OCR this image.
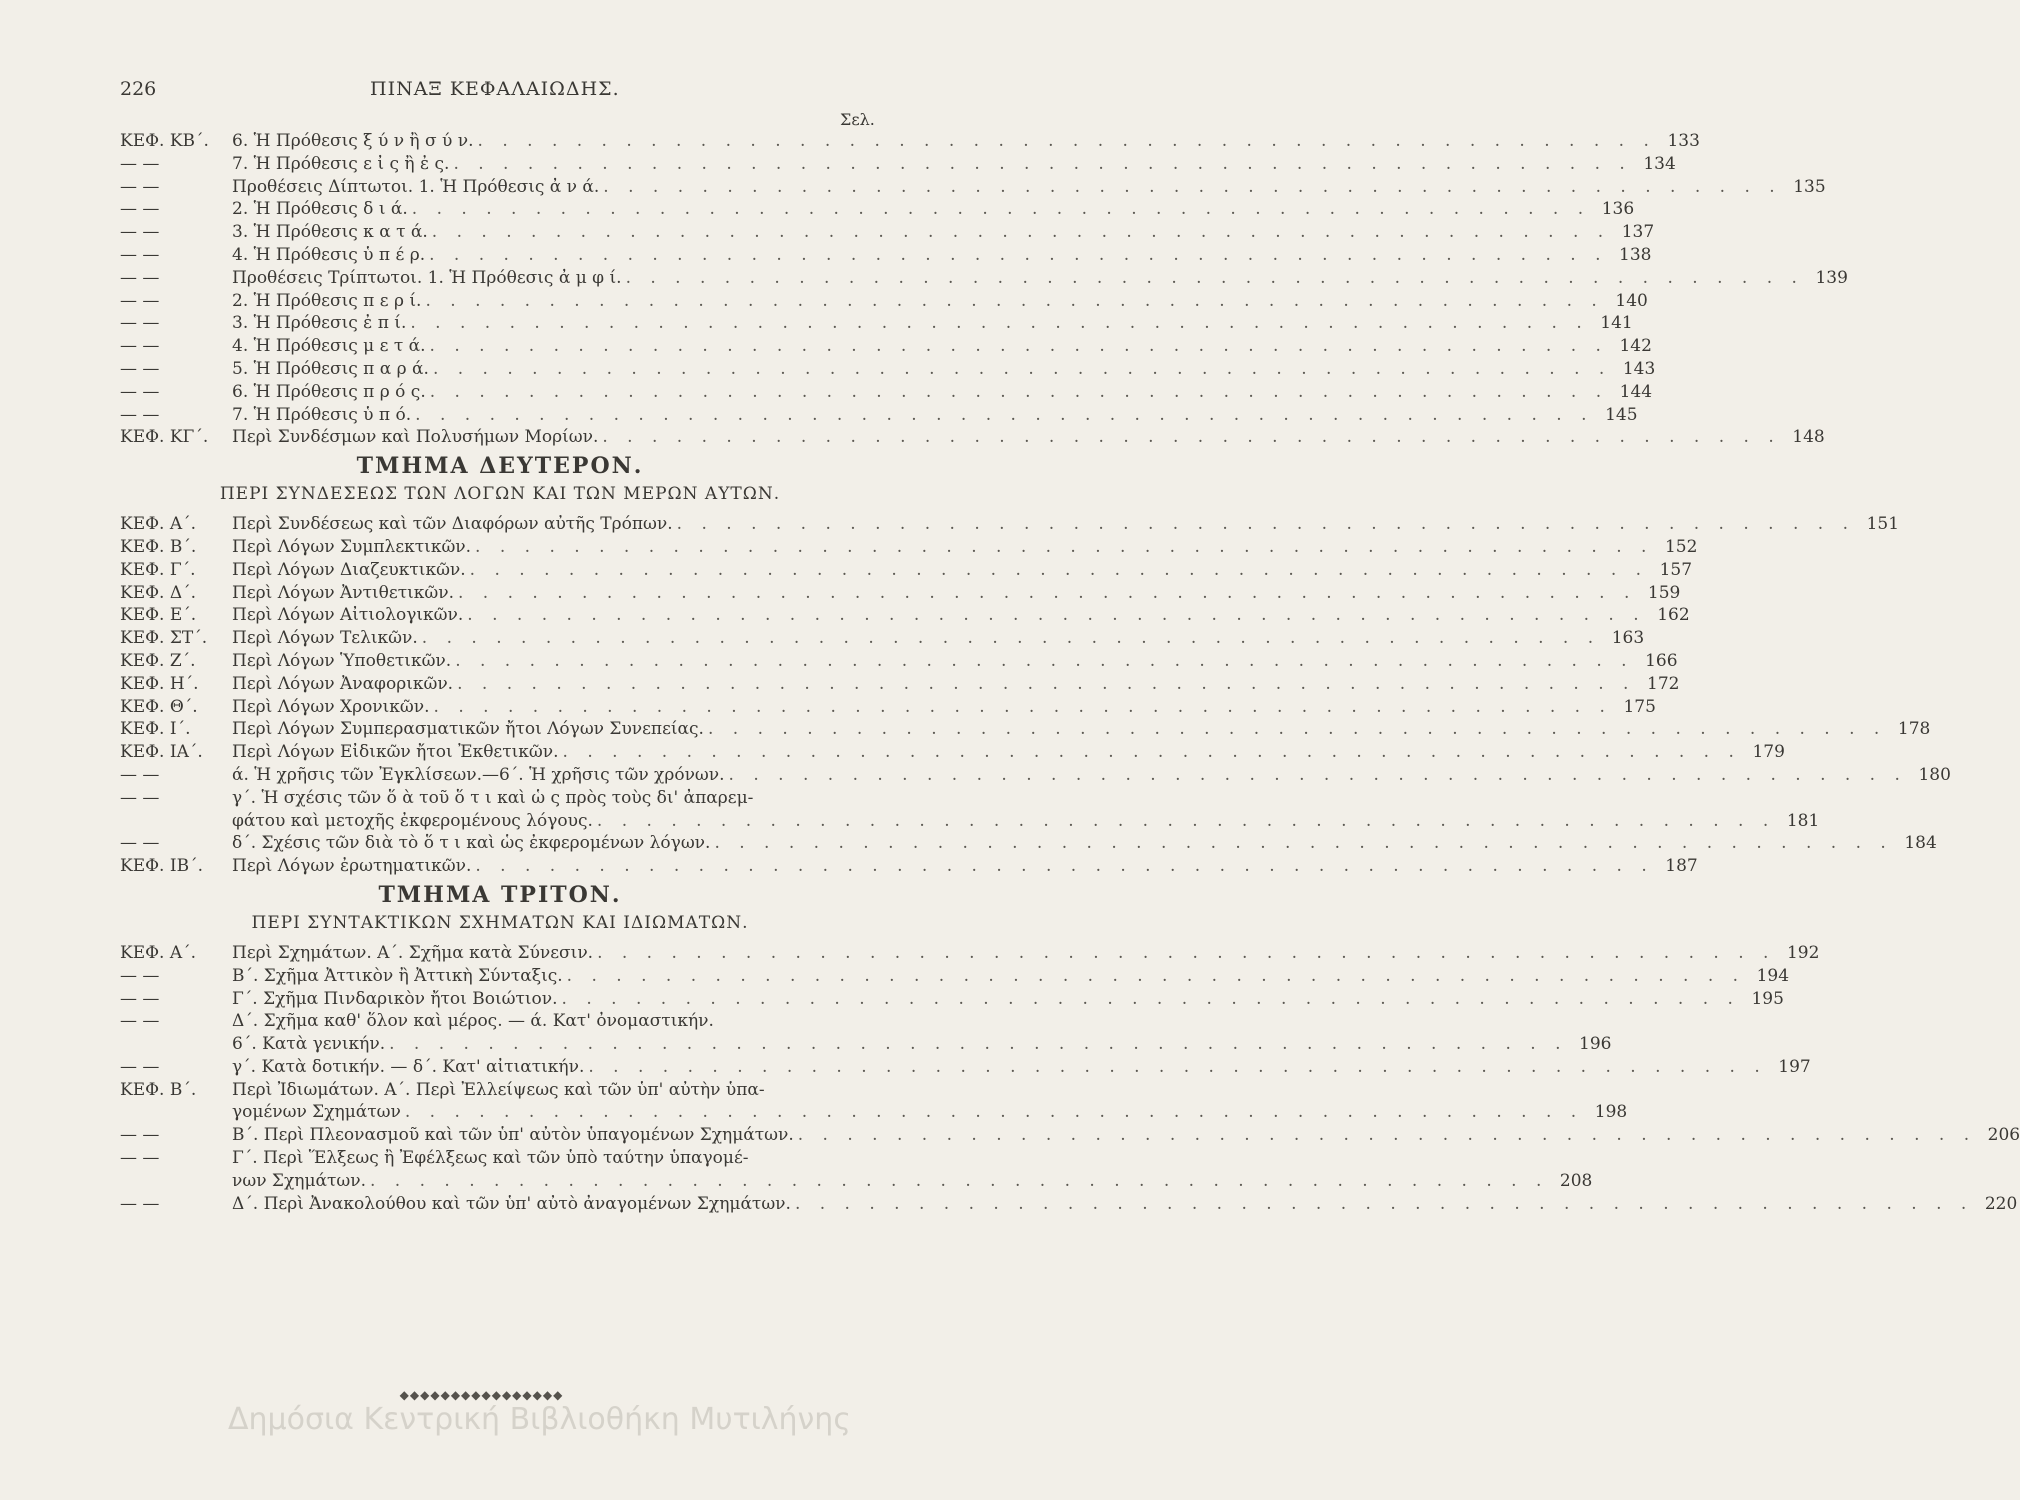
226	ΠΙΝΑΞ ΚΕΦΑΛΑΙΩΔΗΣ.
Σελ.
ΚΕΦ. ΚΒ΄.	6. Ἡ Πρόθεσις ξ ύ ν ἢ σ ύ ν. . . .	133
— —	7. Ἡ Πρόθεσις ε ἰ ς ἢ ἐ ς. . . .	134
— —	Προθέσεις Δίπτωτοι. 1. Ἡ Πρόθεσις ἀ ν ά. . . .	135
— —	2. Ἡ Πρόθεσις δ ι ά. . . .	136
— —	3. Ἡ Πρόθεσις κ α τ ά. . . .	137
— —	4. Ἡ Πρόθεσις ὑ π έ ρ. . . .	138
— —	Προθέσεις Τρίπτωτοι. 1. Ἡ Πρόθεσις ἀ μ φ ί. . . .	139
— —	2. Ἡ Πρόθεσις π ε ρ ί. . . .	140
— —	3. Ἡ Πρόθεσις ἐ π ί. . . .	141
— —	4. Ἡ Πρόθεσις μ ε τ ά. . . .	142
— —	5. Ἡ Πρόθεσις π α ρ ά. . . .	143
— —	6. Ἡ Πρόθεσις π ρ ό ς. . . .	144
— —	7. Ἡ Πρόθεσις ὑ π ό. . . .	145
ΚΕΦ. ΚΓ΄.	Περὶ Συνδέσμων καὶ Πολυσήμων Μορίων. . . .	148
ΤΜΗΜΑ ΔΕΥΤΕΡΟΝ.
ΠΕΡΙ ΣΥΝΔΕΣΕΩΣ ΤΩΝ ΛΟΓΩΝ ΚΑΙ ΤΩΝ ΜΕΡΩΝ ΑΥΤΩΝ.
ΚΕΦ. Α΄.	Περὶ Συνδέσεως καὶ τῶν Διαφόρων αὐτῆς Τρόπων. . . .	151
ΚΕΦ. Β΄.	Περὶ Λόγων Συμπλεκτικῶν. . . .	152
ΚΕΦ. Γ΄.	Περὶ Λόγων Διαζευκτικῶν. . . .	157
ΚΕΦ. Δ΄.	Περὶ Λόγων Ἀντιθετικῶν. . . .	159
ΚΕΦ. Ε΄.	Περὶ Λόγων Αἰτιολογικῶν. . . .	162
ΚΕΦ. ΣΤ΄.	Περὶ Λόγων Τελικῶν. . . .	163
ΚΕΦ. Ζ΄.	Περὶ Λόγων Ὑποθετικῶν. . . .	166
ΚΕΦ. Η΄.	Περὶ Λόγων Ἀναφορικῶν. . . .	172
ΚΕΦ. Θ΄.	Περὶ Λόγων Χρονικῶν. . . .	175
ΚΕΦ. Ι΄.	Περὶ Λόγων Συμπερασματικῶν ἤτοι Λόγων Συνεπείας. . . .	178
ΚΕΦ. ΙΑ΄.	Περὶ Λόγων Εἰδικῶν ἤτοι Ἐκθετικῶν. . . .	179
— —	ά. Ἡ χρῆσις τῶν Ἐγκλίσεων.—6΄. Ἡ χρῆσις τῶν χρόνων. . . .	180
— —	γ΄. Ἡ σχέσις τῶν ὅ ὰ τοῦ ὅ τ ι καὶ ὡ ς πρὸς τοὺς δι' ἀπαρεμ-
φάτου καὶ μετοχῆς ἐκφερομένους λόγους. . . .	181
— —	δ΄. Σχέσις τῶν διὰ τὸ ὅ τ ι καὶ ὡς ἐκφερομένων λόγων. . . .	184
ΚΕΦ. ΙΒ΄.	Περὶ Λόγων ἐρωτηματικῶν. . . .	187
ΤΜΗΜΑ ΤΡΙΤΟΝ.
ΠΕΡΙ ΣΥΝΤΑΚΤΙΚΩΝ ΣΧΗΜΑΤΩΝ ΚΑΙ ΙΔΙΩΜΑΤΩΝ.
ΚΕΦ. Α΄.	Περὶ Σχημάτων. Α΄. Σχῆμα κατὰ Σύνεσιν. . . .	192
— —	Β΄. Σχῆμα Ἀττικὸν ἢ Ἀττικὴ Σύνταξις. . . .	194
— —	Γ΄. Σχῆμα Πινδαρικὸν ἤτοι Βοιώτιον. . . .	195
— —	Δ΄. Σχῆμα καθ' ὅλον καὶ μέρος. — ά. Κατ' ὀνομαστικήν.
6΄. Κατὰ γενικήν. . . .	196
— —	γ΄. Κατὰ δοτικήν. — δ΄. Κατ' αἰτιατικήν. . . .	197
ΚΕΦ. Β΄.	Περὶ Ἰδιωμάτων. Α΄. Περὶ Ἐλλείψεως καὶ τῶν ὑπ' αὐτὴν ὑπα-
γομένων Σχημάτων . . .	198
— —	Β΄. Περὶ Πλεονασμοῦ καὶ τῶν ὑπ' αὐτὸν ὑπαγομένων Σχημάτων. . . .	206
— —	Γ΄. Περὶ Ἕλξεως ἢ Ἐφέλξεως καὶ τῶν ὑπὸ ταύτην ὑπαγομέ-
νων Σχημάτων. . . .	208
— —	Δ΄. Περὶ Ἀνακολούθου καὶ τῶν ὑπ' αὐτὸ ἀναγομένων Σχημάτων. . . .	220
◆◆◆◆◆◆◆◆◆◆◆◆◆◆◆◆
Δημόσια Κεντρική Βιβλιοθήκη Μυτιλήνης
